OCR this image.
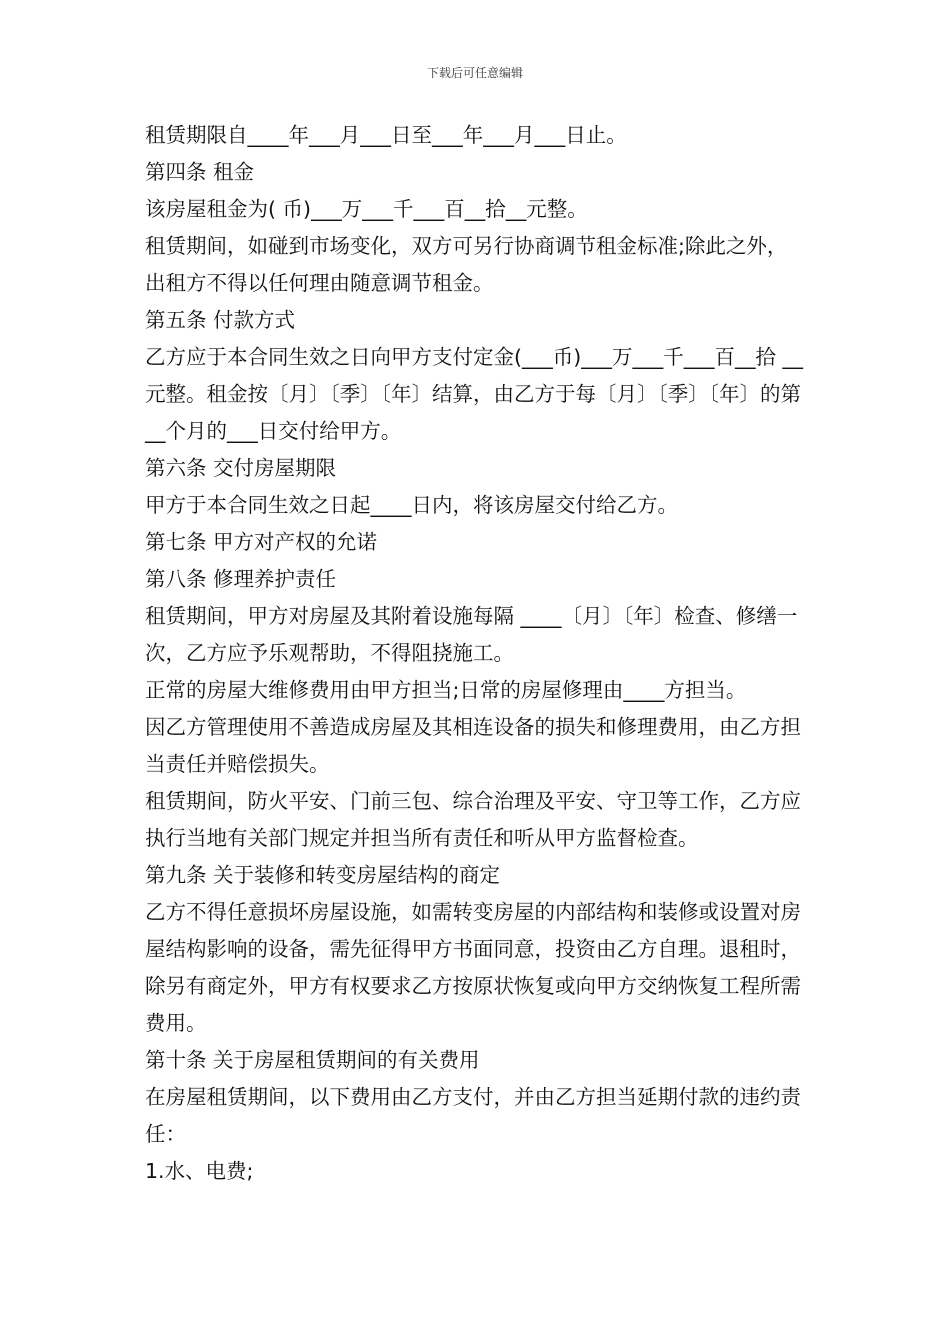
下载后可任意编辑

租赁期限自____年___月___日至___年___月___日止。

第四条 租金

该房屋租金为( 币)___万___千___百__拾__元整。

租赁期间，如碰到市场变化，双方可另行协商调节租金标准;除此之外，出租方不得以任何理由随意调节租金。

第五条 付款方式

乙方应于本合同生效之日向甲方支付定金(___币)___万___千___百__拾 __元整。租金按〔月〕〔季〕〔年〕结算，由乙方于每〔月〕〔季〕〔年〕的第__个月的___日交付给甲方。

第六条 交付房屋期限

甲方于本合同生效之日起____日内，将该房屋交付给乙方。

第七条 甲方对产权的允诺

第八条 修理养护责任

租赁期间，甲方对房屋及其附着设施每隔 ____〔月〕〔年〕检查、修缮一次，乙方应予乐观帮助，不得阻挠施工。

正常的房屋大维修费用由甲方担当;日常的房屋修理由____方担当。

因乙方管理使用不善造成房屋及其相连设备的损失和修理费用，由乙方担当责任并赔偿损失。

租赁期间，防火平安、门前三包、综合治理及平安、守卫等工作，乙方应执行当地有关部门规定并担当所有责任和听从甲方监督检查。

第九条 关于装修和转变房屋结构的商定

乙方不得任意损坏房屋设施，如需转变房屋的内部结构和装修或设置对房屋结构影响的设备，需先征得甲方书面同意，投资由乙方自理。退租时，除另有商定外，甲方有权要求乙方按原状恢复或向甲方交纳恢复工程所需费用。

第十条 关于房屋租赁期间的有关费用

在房屋租赁期间，以下费用由乙方支付，并由乙方担当延期付款的违约责任：

1.水、电费;
